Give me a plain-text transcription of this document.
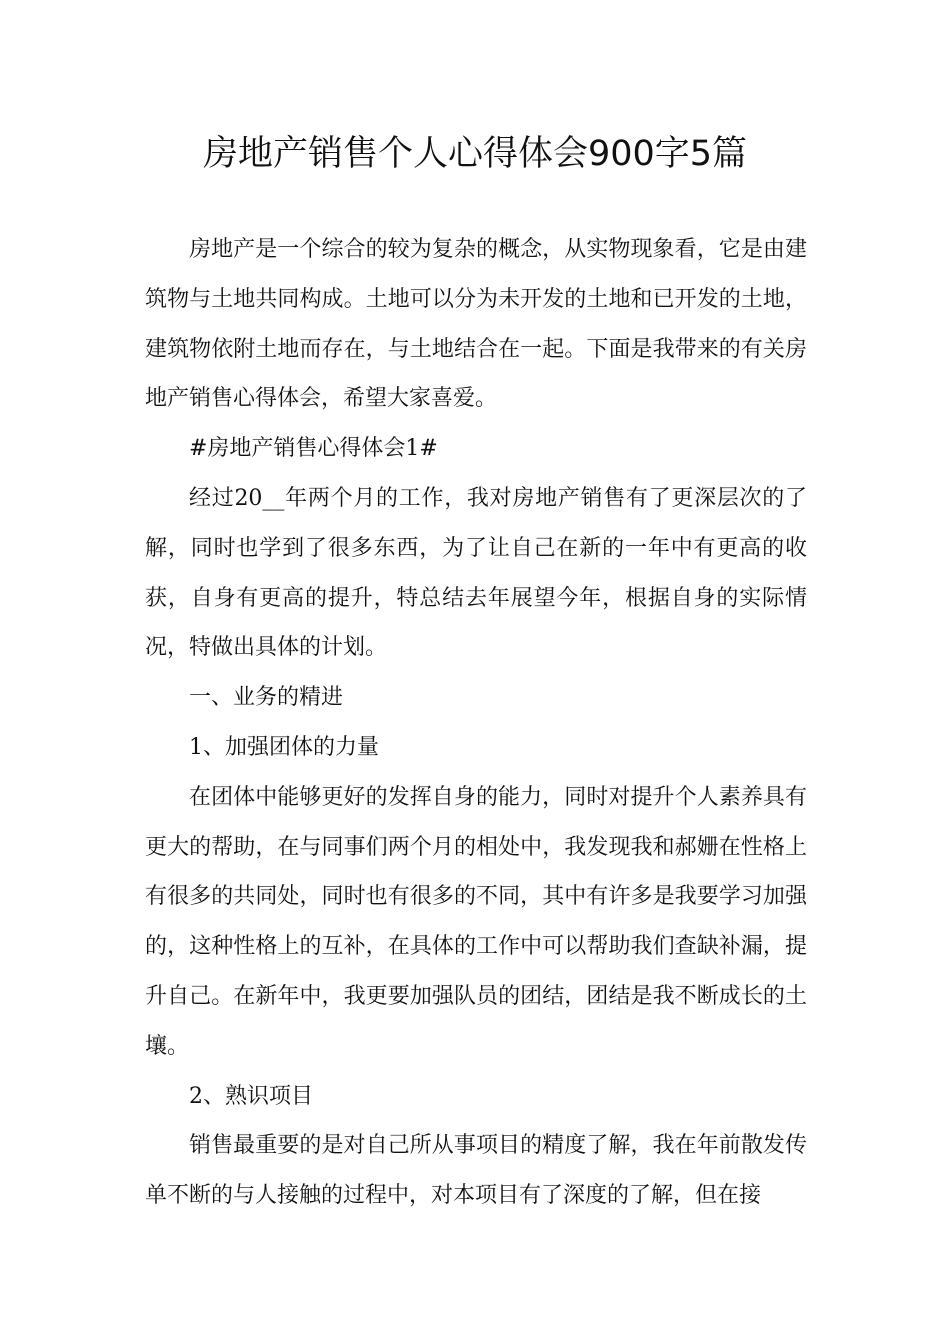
房地产销售个人心得体会900字5篇

房地产是一个综合的较为复杂的概念，从实物现象看，它是由建筑物与土地共同构成。土地可以分为未开发的土地和已开发的土地，建筑物依附土地而存在，与土地结合在一起。下面是我带来的有关房地产销售心得体会，希望大家喜爱。

#房地产销售心得体会1#

经过20__年两个月的工作，我对房地产销售有了更深层次的了解，同时也学到了很多东西，为了让自己在新的一年中有更高的收获，自身有更高的提升，特总结去年展望今年，根据自身的实际情况，特做出具体的计划。

一、业务的精进

1、加强团体的力量

在团体中能够更好的发挥自身的能力，同时对提升个人素养具有更大的帮助，在与同事们两个月的相处中，我发现我和郝姗在性格上有很多的共同处，同时也有很多的不同，其中有许多是我要学习加强的，这种性格上的互补，在具体的工作中可以帮助我们查缺补漏，提升自己。在新年中，我更要加强队员的团结，团结是我不断成长的土壤。

2、熟识项目

销售最重要的是对自己所从事项目的精度了解，我在年前散发传单不断的与人接触的过程中，对本项目有了深度的了解，但在接
